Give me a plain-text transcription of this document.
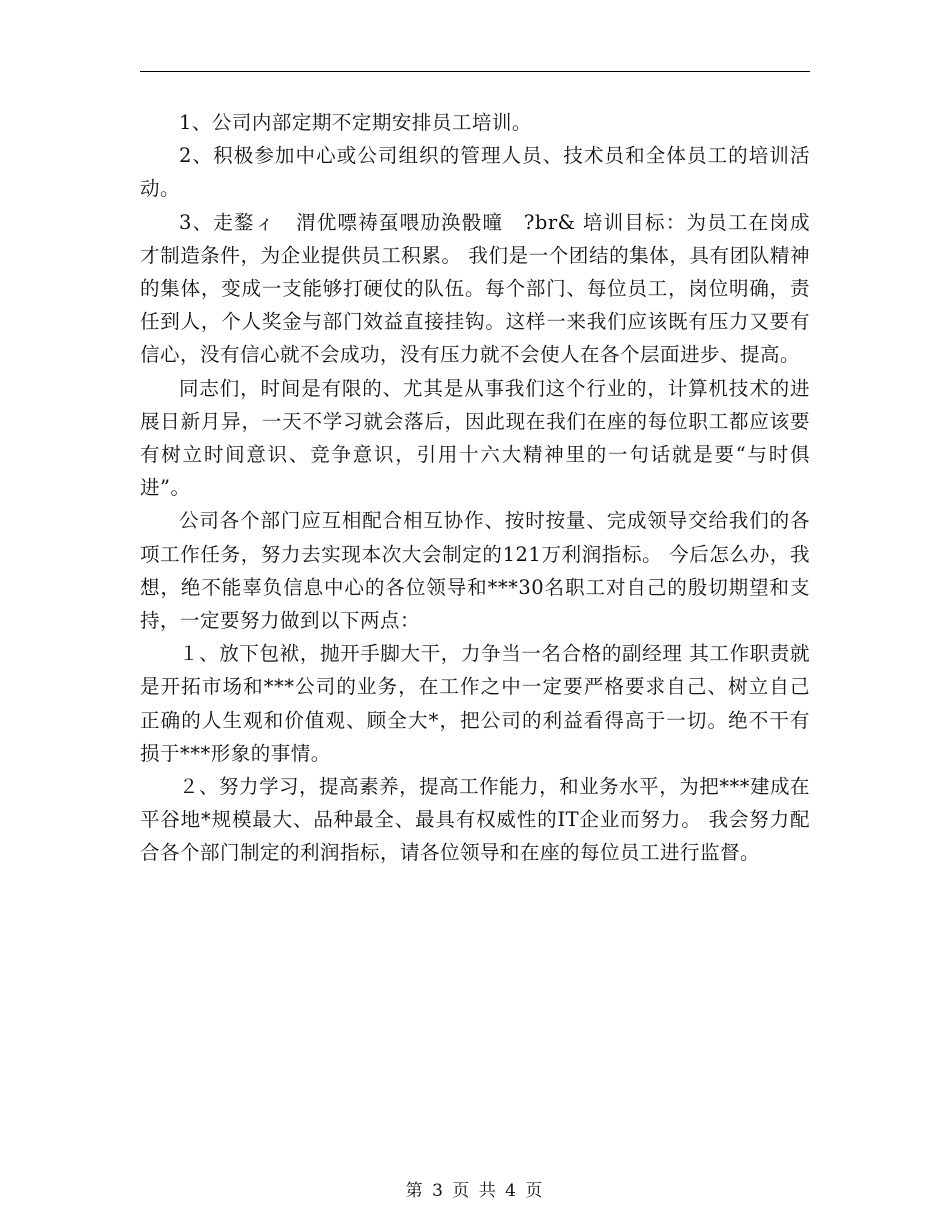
1、公司内部定期不定期安排员工培训。

2、积极参加中心或公司组织的管理人员、技术员和全体员工的培训活动。

3、走鍪ィ　渭优嘌祷虿喂劢涣骰曈　?br& 培训目标：为员工在岗成才制造条件，为企业提供员工积累。 我们是一个团结的集体，具有团队精神的集体，变成一支能够打硬仗的队伍。每个部门、每位员工，岗位明确，责任到人，个人奖金与部门效益直接挂钩。这样一来我们应该既有压力又要有信心，没有信心就不会成功，没有压力就不会使人在各个层面进步、提高。

同志们，时间是有限的、尤其是从事我们这个行业的，计算机技术的进展日新月异，一天不学习就会落后，因此现在我们在座的每位职工都应该要有树立时间意识、竞争意识，引用十六大精神里的一句话就是要“与时俱进”。

公司各个部门应互相配合相互协作、按时按量、完成领导交给我们的各项工作任务，努力去实现本次大会制定的121万利润指标。 今后怎么办，我想，绝不能辜负信息中心的各位领导和***30名职工对自己的殷切期望和支持，一定要努力做到以下两点：

１、放下包袱，抛开手脚大干，力争当一名合格的副经理 其工作职责就是开拓市场和***公司的业务，在工作之中一定要严格要求自己、树立自己正确的人生观和价值观、顾全大*，把公司的利益看得高于一切。绝不干有损于***形象的事情。

２、努力学习，提高素养，提高工作能力，和业务水平，为把***建成在平谷地*规模最大、品种最全、最具有权威性的IT企业而努力。 我会努力配合各个部门制定的利润指标，请各位领导和在座的每位员工进行监督。

第 3 页 共 4 页
